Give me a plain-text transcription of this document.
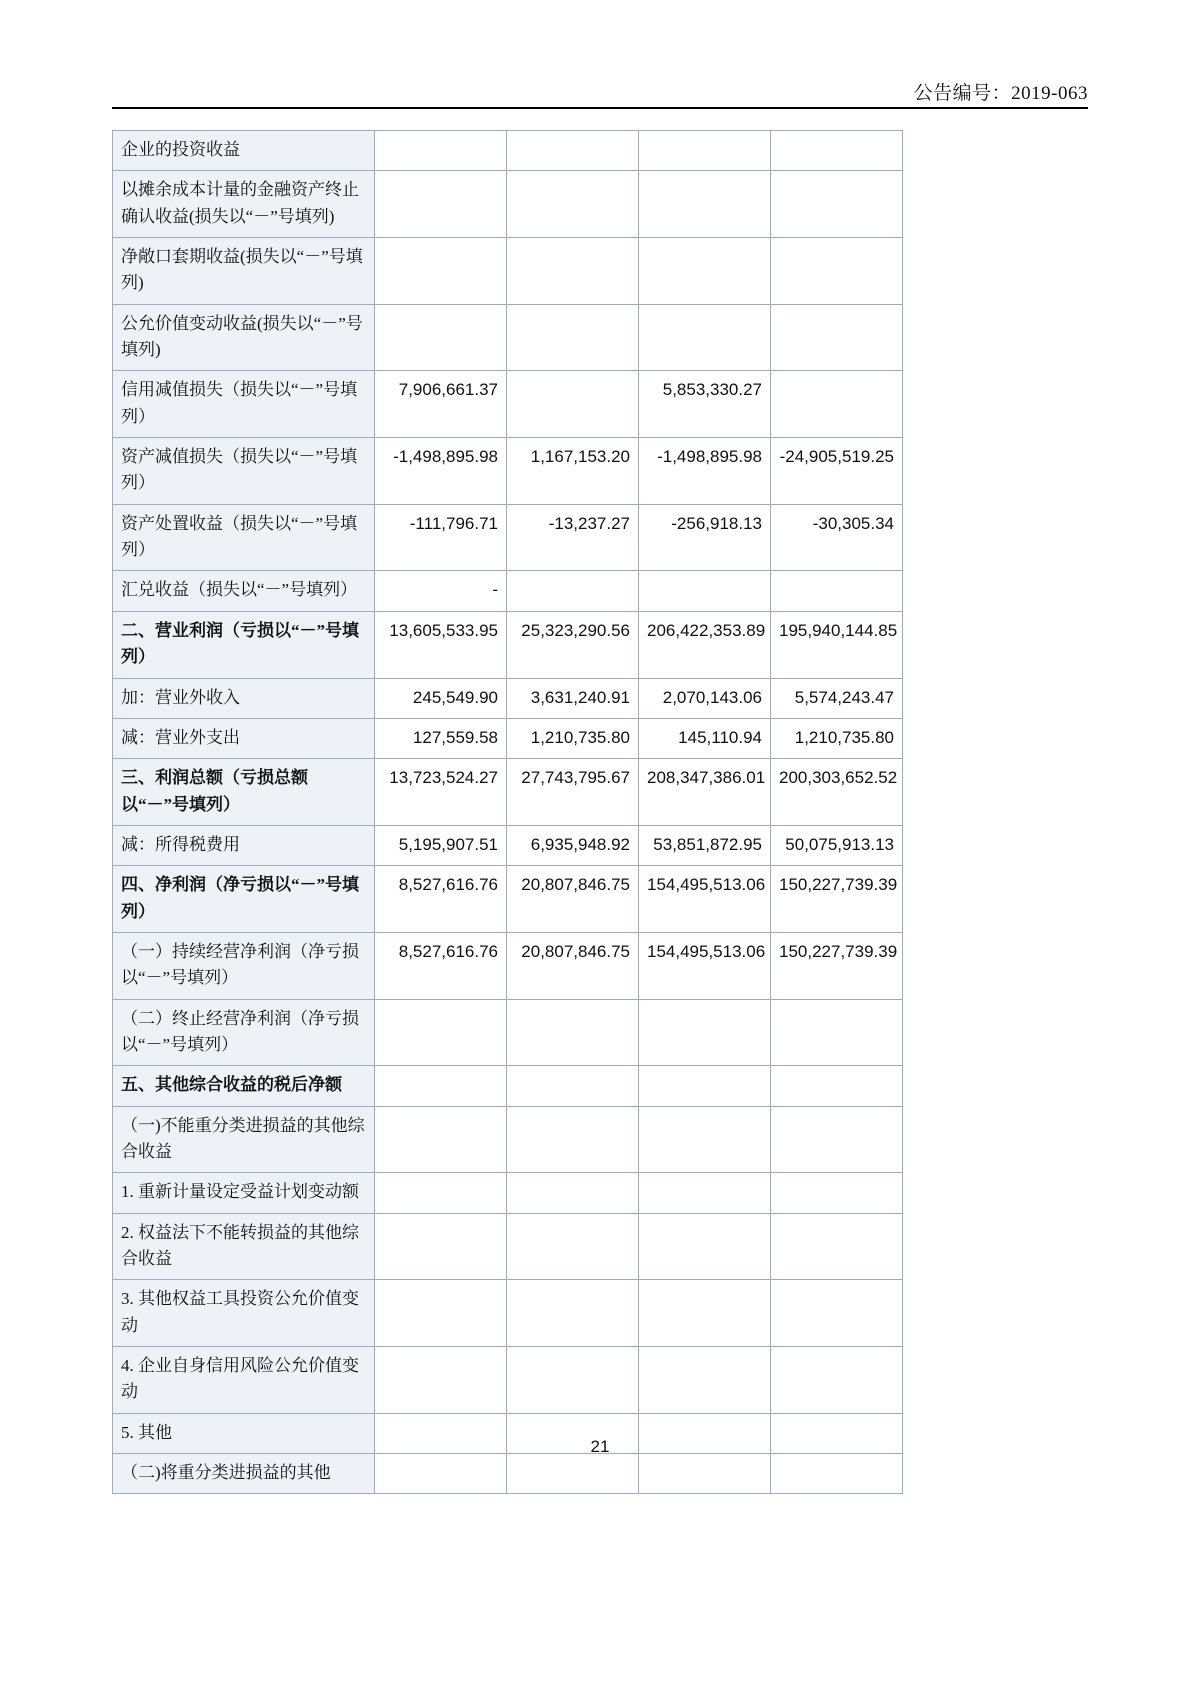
公告编号：2019-063
企业的投资收益				
以摊余成本计量的金融资产终止确认收益(损失以“－”号填列)				
净敞口套期收益(损失以“－”号填列)				
公允价值变动收益(损失以“－”号填列)				
信用减值损失（损失以“－”号填列）	7,906,661.37		5,853,330.27	
资产减值损失（损失以“－”号填列）	-1,498,895.98	1,167,153.20	-1,498,895.98	-24,905,519.25
资产处置收益（损失以“－”号填列）	-111,796.71	-13,237.27	-256,918.13	-30,305.34
汇兑收益（损失以“－”号填列）	-			
二、营业利润（亏损以“－”号填列）	13,605,533.95	25,323,290.56	206,422,353.89	195,940,144.85
加：营业外收入	245,549.90	3,631,240.91	2,070,143.06	5,574,243.47
减：营业外支出	127,559.58	1,210,735.80	145,110.94	1,210,735.80
三、利润总额（亏损总额以“－”号填列）	13,723,524.27	27,743,795.67	208,347,386.01	200,303,652.52
减：所得税费用	5,195,907.51	6,935,948.92	53,851,872.95	50,075,913.13
四、净利润（净亏损以“－”号填列）	8,527,616.76	20,807,846.75	154,495,513.06	150,227,739.39
（一）持续经营净利润（净亏损以“－”号填列）	8,527,616.76	20,807,846.75	154,495,513.06	150,227,739.39
（二）终止经营净利润（净亏损以“－”号填列）				
五、其他综合收益的税后净额				
（一)不能重分类进损益的其他综合收益				
1. 重新计量设定受益计划变动额				
2. 权益法下不能转损益的其他综合收益				
3. 其他权益工具投资公允价值变动				
4. 企业自身信用风险公允价值变动				
5. 其他				
（二)将重分类进损益的其他				
21
